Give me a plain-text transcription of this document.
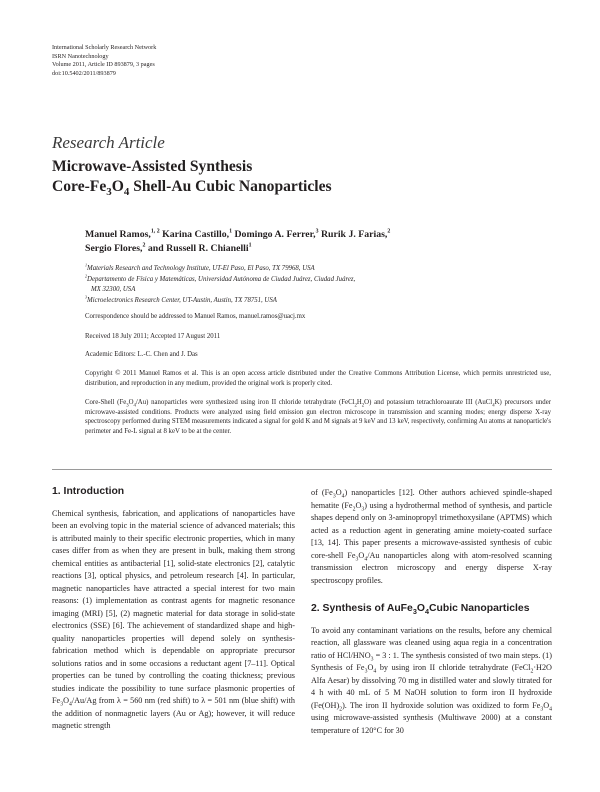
International Scholarly Research Network
ISRN Nanotechnology
Volume 2011, Article ID 893879, 3 pages
doi:10.5402/2011/893879
Research Article
Microwave-Assisted Synthesis
Core-$Fe_3O_4$ Shell-Au Cubic Nanoparticles
Manuel Ramos,$^{1, 2}$ Karina Castillo,$^1$ Domingo A. Ferrer,$^3$ Rurik J. Farias,$^2$
Sergio Flores,$^2$ and Russell R. Chianelli$^1$
$^1$Materials Research and Technology Institute, UT-El Paso, El Paso, TX 79968, USA
$^2$Departamento de Física y Matemáticas, Universidad Autónoma de Ciudad Juárez, Ciudad Juárez,
MX 32300, USA
$^3$Microelectronics Research Center, UT-Austin, Austin, TX 78751, USA
Correspondence should be addressed to Manuel Ramos, manuel.ramos@uacj.mx
Received 18 July 2011; Accepted 17 August 2011
Academic Editors: L.-C. Chen and J. Das
Copyright © 2011 Manuel Ramos et al. This is an open access article distributed under the Creative Commons Attribution License, which permits unrestricted use, distribution, and reproduction in any medium, provided the original work is properly cited.
Core-Shell $(Fe_3O_4/Au)$ nanoparticles were synthesized using iron II chloride tetrahydrate $(FeCl_2H_2O)$ and potassium tetrachloroaurate III (AuCl$_4$K) precursors under microwave-assisted conditions. Products were analyzed using field emission gun electron microscope in transmission and scanning modes; energy disperse X-ray spectroscopy performed during STEM measurements indicated a signal for gold K and M signals at 9 keV and 13 keV, respectively, confirming Au atoms at nanoparticle's perimeter and Fe-L signal at 8 keV to be at the center.
1. Introduction

Chemical synthesis, fabrication, and applications of nanoparticles have been an evolving topic in the material science of advanced materials; this is attributed mainly to their specific electronic properties, which in many cases differ from as when they are present in bulk, making them strong chemical entities as antibacterial [1], solid-state electronics [2], catalytic reactions [3], optical physics, and petroleum research [4]. In particular, magnetic nanoparticles have attracted a special interest for two main reasons: (1) implementation as contrast agents for magnetic resonance imaging (MRI) [5], (2) magnetic material for data storage in solid-state electronics (SSE) [6]. The achievement of standardized shape and high-quality nanoparticles properties will depend solely on synthesis-fabrication method which is dependable on appropriate precursor solutions ratios and in some occasions a reductant agent [7–11]. Optical properties can be tuned by controlling the coating thickness; previous studies indicate the possibility to tune surface plasmonic properties of $Fe_3O_4/Au/Ag$ from λ = 560 nm (red shift) to λ = 501 nm (blue shift) with the addition of nonmagnetic layers (Au or Ag); however, it will reduce magnetic strength

of $(Fe_3O_4)$ nanoparticles [12]. Other authors achieved spindle-shaped hematite $(Fe_2O_3)$ using a hydrothermal method of synthesis, and particle shapes depend only on 3-aminopropyl trimethoxysilane (APTMS) which acted as a reduction agent in generating amine moiety-coated surface [13, 14]. This paper presents a microwave-assisted synthesis of cubic core-shell $Fe_3O_4/Au$ nanoparticles along with atom-resolved scanning transmission electron microscopy and energy disperse X-ray spectroscopy profiles.

2. Synthesis of $AuFe_3O_4Cubic$ Nanoparticles

To avoid any contaminant variations on the results, before any chemical reaction, all glassware was cleaned using aqua regia in a concentration ratio of HCl/$HNO_3 = 3$ : 1. The synthesis consisted of two main steps. (1) Synthesis of $Fe_3O_4$ by using iron II chloride tetrahydrate (FeCl$_2$·H2O Alfa Aesar) by dissolving 70 mg in distilled water and slowly titrated for 4 h with 40 mL of 5 M NaOH solution to form iron II hydroxide $(Fe(OH)_2)$. The iron II hydroxide solution was oxidized to form $Fe_3O_4$ using microwave-assisted synthesis (Multiwave 2000) at a constant temperature of 120°C for 30
